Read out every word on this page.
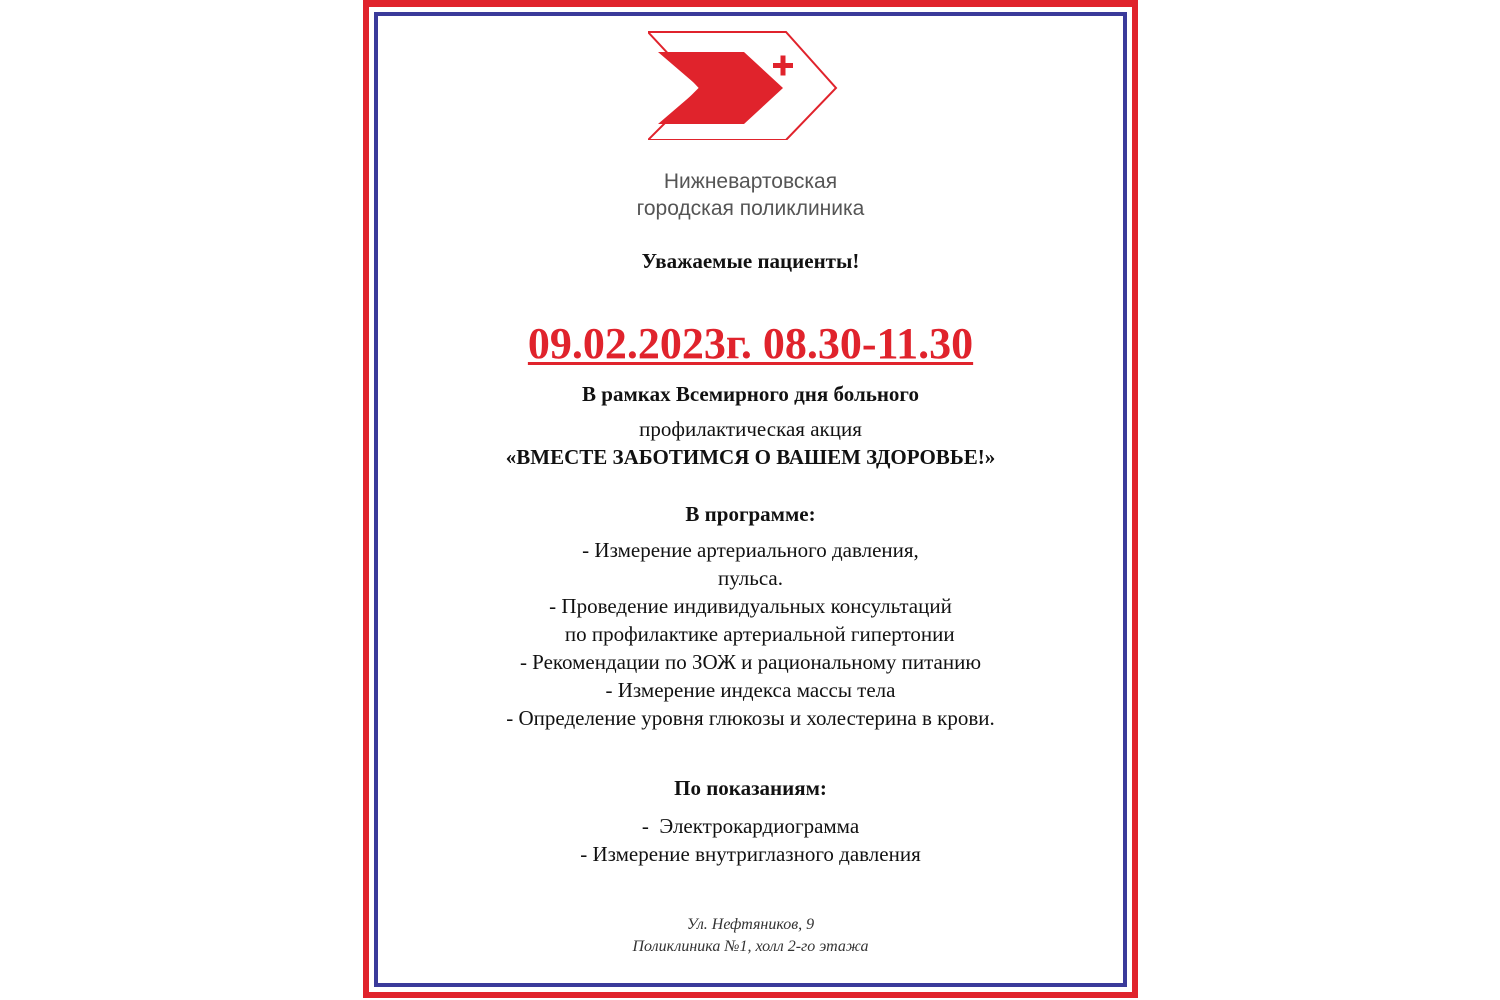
Нижневартовская
городская поликлиника
Уважаемые пациенты!
09.02.2023г. 08.30-11.30
В рамках Всемирного дня больного
профилактическая акция
«ВМЕСТЕ ЗАБОТИМСЯ О ВАШЕМ ЗДОРОВЬЕ!»
В программе:
- Измерение артериального давления,
пульса.
- Проведение индивидуальных консультаций
по профилактике артериальной гипертонии
- Рекомендации по ЗОЖ и рациональному питанию
- Измерение индекса массы тела
- Определение уровня глюкозы и холестерина в крови.
По показаниям:
-  Электрокардиограмма
- Измерение внутриглазного давления
Ул. Нефтяников, 9
Поликлиника №1, холл 2-го этажа
